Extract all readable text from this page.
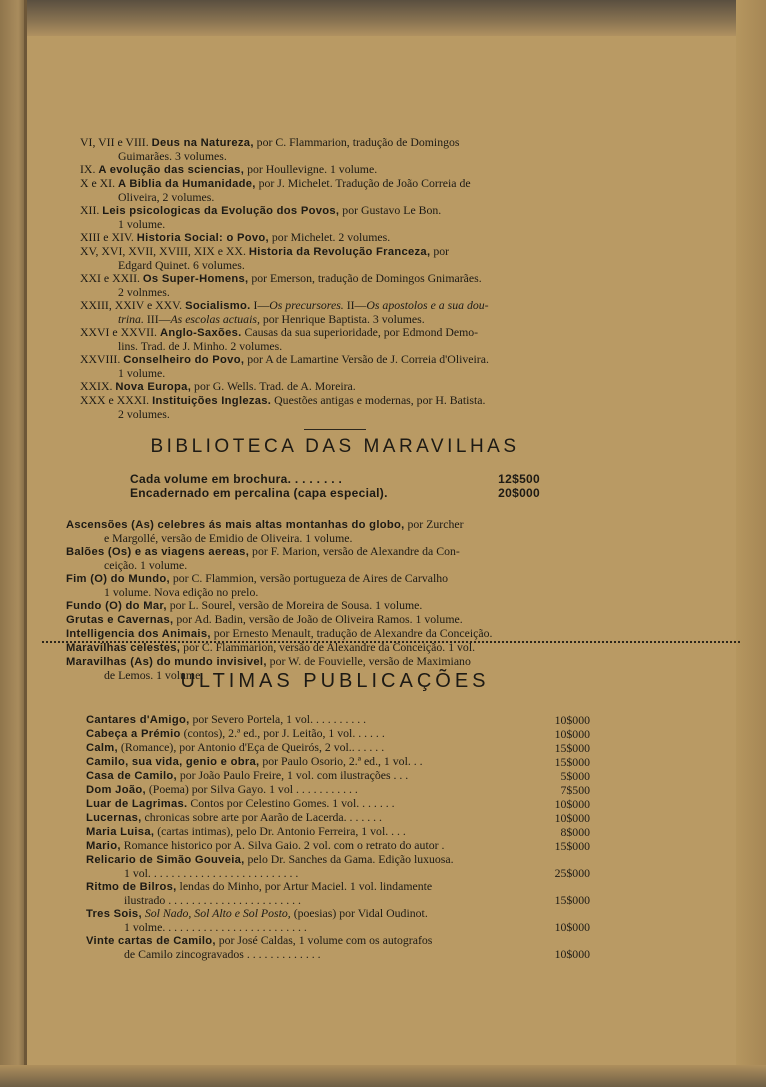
VI, VII e VIII. Deus na Natureza, por C. Flammarion, tradução de Domingos
Guimarães. 3 volumes.
IX. A evolução das sciencias, por Houllevigne. 1 volume.
X e XI. A Biblia da Humanidade, por J. Michelet. Tradução de João Correia de
Oliveira, 2 volumes.
XII. Leis psicologicas da Evolução dos Povos, por Gustavo Le Bon.
1 volume.
XIII e XIV. Historia Social: o Povo, por Michelet. 2 volumes.
XV, XVI, XVII, XVIII, XIX e XX. Historia da Revolução Franceza, por
Edgard Quinet. 6 volumes.
XXI e XXII. Os Super-Homens, por Emerson, tradução de Domingos Gnimarães.
2 volnmes.
XXIII, XXIV e XXV. Socialismo. I—Os precursores. II—Os apostolos e a sua dou-
trina. III—As escolas actuais, por Henrique Baptista. 3 volumes.
XXVI e XXVII. Anglo-Saxões. Causas da sua superioridade, por Edmond Demo-
lins. Trad. de J. Minho. 2 volumes.
XXVIII. Conselheiro do Povo, por A de Lamartine Versão de J. Correia d'Oliveira.
1 volume.
XXIX. Nova Europa, por G. Wells. Trad. de A. Moreira.
XXX e XXXI. Instituições Inglezas. Questões antigas e modernas, por H. Batista.
2 volumes.
BIBLIOTECA DAS MARAVILHAS
Cada volume em brochura. . . . . . . .	12$500
Encadernado em percalina (capa especial).	20$000
Ascensões (As) celebres ás mais altas montanhas do globo, por Zurcher
e Margollé, versão de Emidio de Oliveira. 1 volume.
Balões (Os) e as viagens aereas, por F. Marion, versão de Alexandre da Con-
ceição. 1 volume.
Fim (O) do Mundo, por C. Flammion, versão portugueza de Aires de Carvalho
1 volume. Nova edição no prelo.
Fundo (O) do Mar, por L. Sourel, versão de Moreira de Sousa. 1 volume.
Grutas e Cavernas, por Ad. Badin, versão de João de Oliveira Ramos. 1 volume.
Intelligencia dos Animais, por Ernesto Menault, tradução de Alexandre da Conceição.
Maravilhas celestes, por C. Flammarion, versão de Alexandre da Conceição. 1 vol.
Maravilhas (As) do mundo invisivel, por W. de Fouvielle, versão de Maximiano
de Lemos. 1 volume.
ULTIMAS PUBLICAÇÕES
Cantares d'Amigo, por Severo Portela, 1 vol. . . . . . . . . .	10$000
Cabeça a Prémio (contos), 2.ª ed., por J. Leitão, 1 vol. . . . . .	10$000
Calm, (Romance), por Antonio d'Eça de Queirós, 2 vol.. . . . . .	15$000
Camilo, sua vida, genio e obra, por Paulo Osorio, 2.ª ed., 1 vol. . .	15$000
Casa de Camilo, por João Paulo Freire, 1 vol. com ilustrações . . .	5$000
Dom João, (Poema) por Silva Gayo. 1 vol . . . . . . . . . . .	7$500
Luar de Lagrimas. Contos por Celestino Gomes. 1 vol. . . . . . .	10$000
Lucernas, chronicas sobre arte por Aarão de Lacerda. . . . . . .	10$000
Maria Luisa, (cartas intimas), pelo Dr. Antonio Ferreira, 1 vol. . . .	8$000
Mario, Romance historico por A. Silva Gaio. 2 vol. com o retrato do autor .	15$000
Relicario de Simão Gouveia, pelo Dr. Sanches da Gama. Edição luxuosa.
1 vol. . . . . . . . . . . . . . . . . . . . . . . . . .	25$000
Ritmo de Bilros, lendas do Minho, por Artur Maciel. 1 vol. lindamente
ilustrado . . . . . . . . . . . . . . . . . . . . . . .	15$000
Tres Sois, Sol Nado, Sol Alto e Sol Posto, (poesias) por Vidal Oudinot.
1 volme. . . . . . . . . . . . . . . . . . . . . . . . .	10$000
Vinte cartas de Camilo, por José Caldas, 1 volume com os autografos
de Camilo zincogravados . . . . . . . . . . . . .	10$000
